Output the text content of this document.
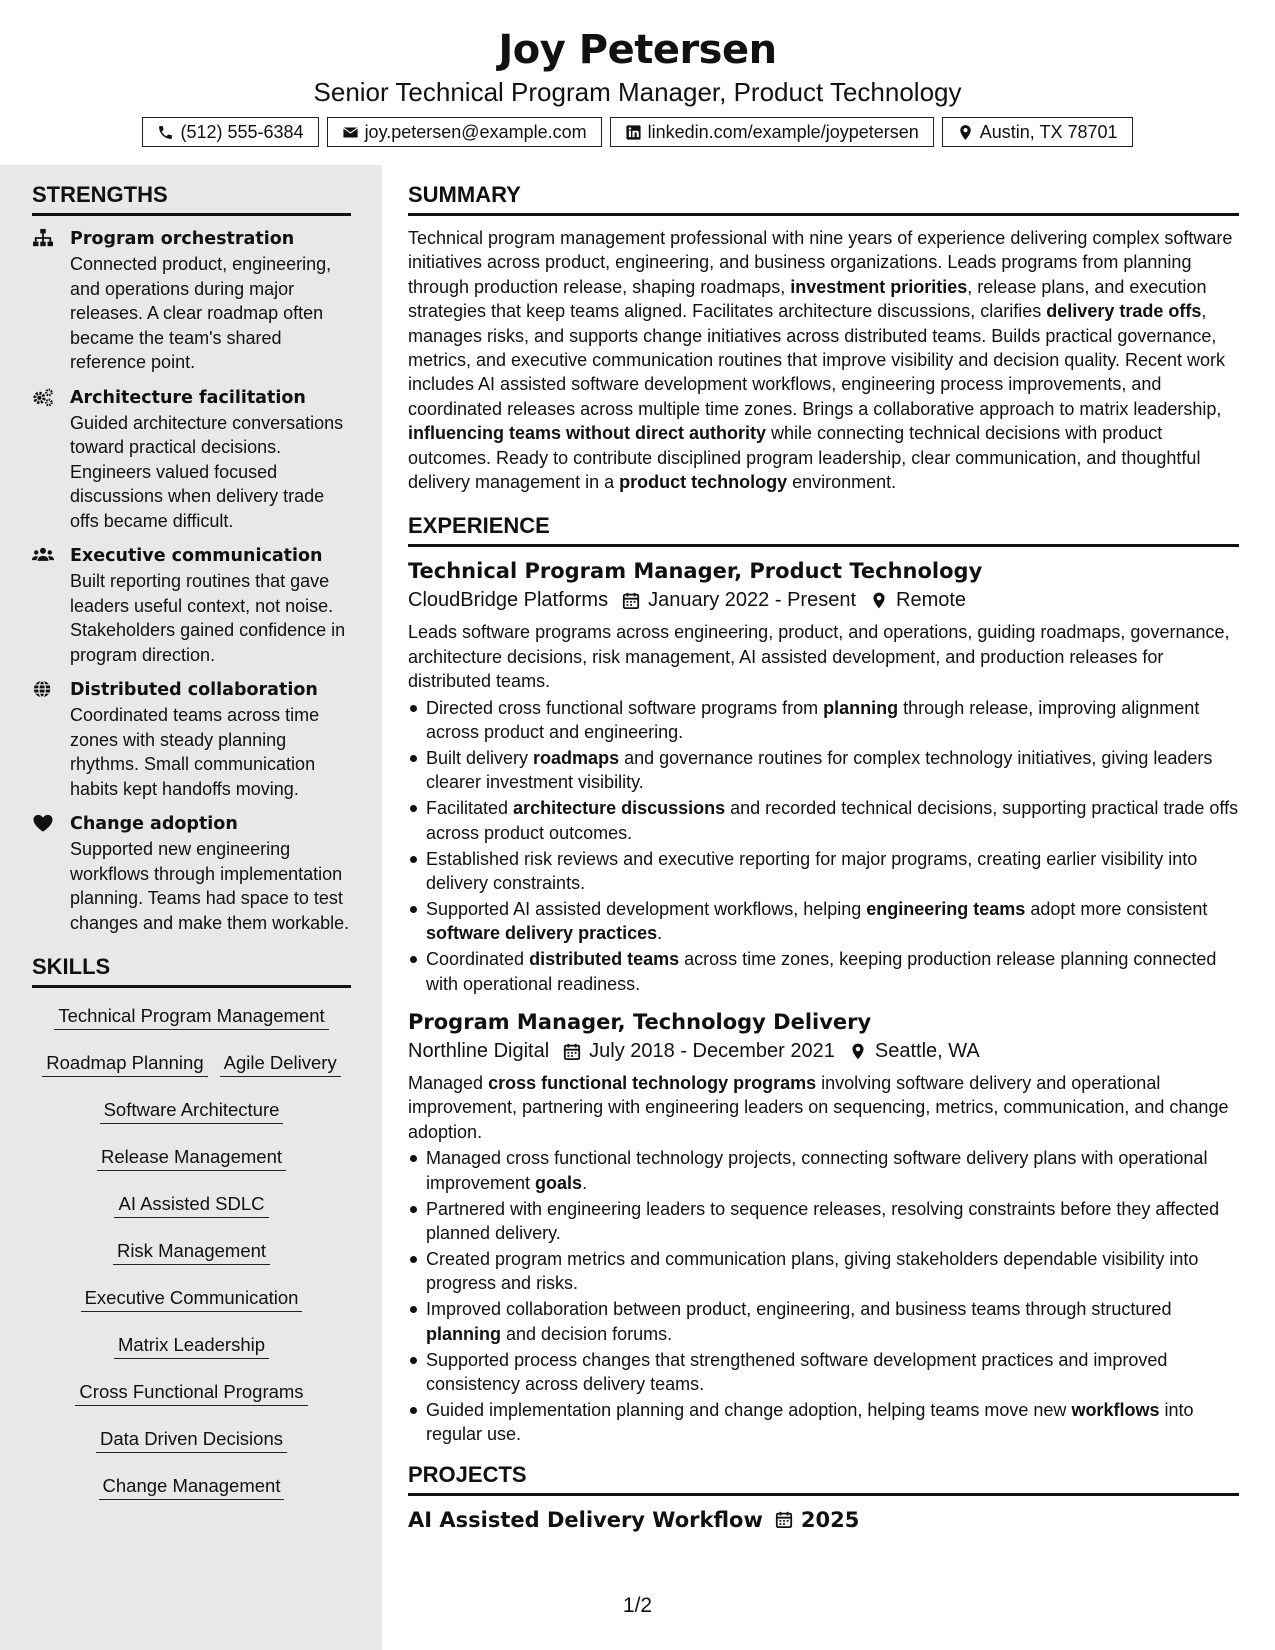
Joy Petersen
Senior Technical Program Manager, Product Technology
(512) 555-6384	joy.petersen@example.com	linkedin.com/example/joypetersen	Austin, TX 78701
STRENGTHS
Program orchestration
Connected product, engineering, and operations during major releases. A clear roadmap often became the team's shared reference point.
Architecture facilitation
Guided architecture conversations toward practical decisions. Engineers valued focused discussions when delivery trade offs became difficult.
Executive communication
Built reporting routines that gave leaders useful context, not noise. Stakeholders gained confidence in program direction.
Distributed collaboration
Coordinated teams across time zones with steady planning rhythms. Small communication habits kept handoffs moving.
Change adoption
Supported new engineering workflows through implementation planning. Teams had space to test changes and make them workable.
SKILLS
Technical Program Management
Roadmap Planning Agile Delivery
Software Architecture
Release Management
AI Assisted SDLC
Risk Management
Executive Communication
Matrix Leadership
Cross Functional Programs
Data Driven Decisions
Change Management
SUMMARY
Technical program management professional with nine years of experience delivering complex software initiatives across product, engineering, and business organizations. Leads programs from planning through production release, shaping roadmaps, investment priorities, release plans, and execution strategies that keep teams aligned. Facilitates architecture discussions, clarifies delivery trade offs, manages risks, and supports change initiatives across distributed teams. Builds practical governance, metrics, and executive communication routines that improve visibility and decision quality. Recent work includes AI assisted software development workflows, engineering process improvements, and coordinated releases across multiple time zones. Brings a collaborative approach to matrix leadership, influencing teams without direct authority while connecting technical decisions with product outcomes. Ready to contribute disciplined program leadership, clear communication, and thoughtful delivery management in a product technology environment.
EXPERIENCE
Technical Program Manager, Product Technology
CloudBridge Platforms January 2022 - Present Remote
Leads software programs across engineering, product, and operations, guiding roadmaps, governance, architecture decisions, risk management, AI assisted development, and production releases for distributed teams.
Directed cross functional software programs from planning through release, improving alignment across product and engineering.
Built delivery roadmaps and governance routines for complex technology initiatives, giving leaders clearer investment visibility.
Facilitated architecture discussions and recorded technical decisions, supporting practical trade offs across product outcomes.
Established risk reviews and executive reporting for major programs, creating earlier visibility into delivery constraints.
Supported AI assisted development workflows, helping engineering teams adopt more consistent software delivery practices.
Coordinated distributed teams across time zones, keeping production release planning connected with operational readiness.
Program Manager, Technology Delivery
Northline Digital July 2018 - December 2021 Seattle, WA
Managed cross functional technology programs involving software delivery and operational improvement, partnering with engineering leaders on sequencing, metrics, communication, and change adoption.
Managed cross functional technology projects, connecting software delivery plans with operational improvement goals.
Partnered with engineering leaders to sequence releases, resolving constraints before they affected planned delivery.
Created program metrics and communication plans, giving stakeholders dependable visibility into progress and risks.
Improved collaboration between product, engineering, and business teams through structured planning and decision forums.
Supported process changes that strengthened software development practices and improved consistency across delivery teams.
Guided implementation planning and change adoption, helping teams move new workflows into regular use.
PROJECTS
AI Assisted Delivery Workflow 2025
1/2
